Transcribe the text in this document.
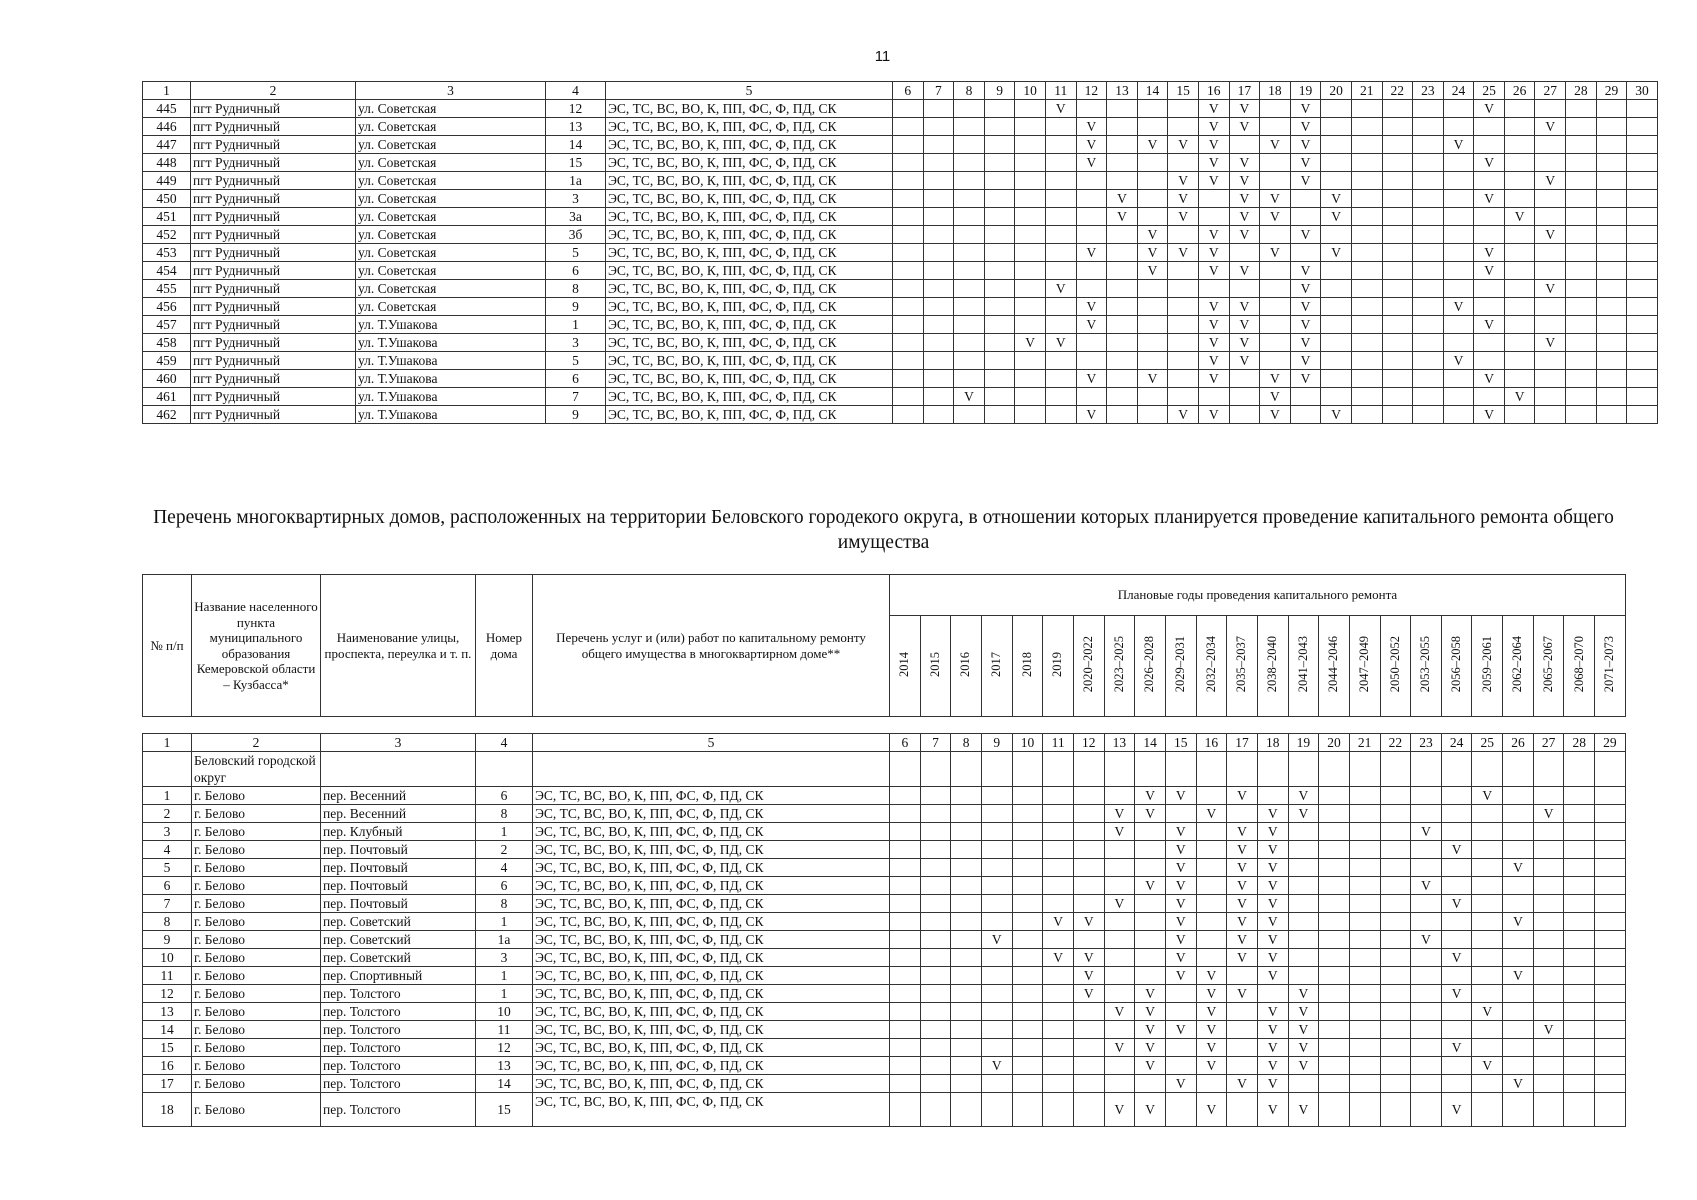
11
1	2	3	4	5	6	7	8	9	10	11	12	13	14	15	16	17	18	19	20	21	22	23	24	25	26	27	28	29	30
445	пгт Рудничный	ул. Советская	12	ЭС, ТС, ВС, ВО, К, ПП, ФС, Ф, ПД, СК						V					V	V		V						V					
446	пгт Рудничный	ул. Советская	13	ЭС, ТС, ВС, ВО, К, ПП, ФС, Ф, ПД, СК							V				V	V		V								V			
447	пгт Рудничный	ул. Советская	14	ЭС, ТС, ВС, ВО, К, ПП, ФС, Ф, ПД, СК							V		V	V	V		V	V					V						
448	пгт Рудничный	ул. Советская	15	ЭС, ТС, ВС, ВО, К, ПП, ФС, Ф, ПД, СК							V				V	V		V						V					
449	пгт Рудничный	ул. Советская	1а	ЭС, ТС, ВС, ВО, К, ПП, ФС, Ф, ПД, СК										V	V	V		V								V			
450	пгт Рудничный	ул. Советская	3	ЭС, ТС, ВС, ВО, К, ПП, ФС, Ф, ПД, СК								V		V		V	V		V					V					
451	пгт Рудничный	ул. Советская	3а	ЭС, ТС, ВС, ВО, К, ПП, ФС, Ф, ПД, СК								V		V		V	V		V						V				
452	пгт Рудничный	ул. Советская	3б	ЭС, ТС, ВС, ВО, К, ПП, ФС, Ф, ПД, СК									V		V	V		V								V			
453	пгт Рудничный	ул. Советская	5	ЭС, ТС, ВС, ВО, К, ПП, ФС, Ф, ПД, СК							V		V	V	V		V		V					V					
454	пгт Рудничный	ул. Советская	6	ЭС, ТС, ВС, ВО, К, ПП, ФС, Ф, ПД, СК									V		V	V		V						V					
455	пгт Рудничный	ул. Советская	8	ЭС, ТС, ВС, ВО, К, ПП, ФС, Ф, ПД, СК						V								V								V			
456	пгт Рудничный	ул. Советская	9	ЭС, ТС, ВС, ВО, К, ПП, ФС, Ф, ПД, СК							V				V	V		V					V						
457	пгт Рудничный	ул. Т.Ушакова	1	ЭС, ТС, ВС, ВО, К, ПП, ФС, Ф, ПД, СК							V				V	V		V						V					
458	пгт Рудничный	ул. Т.Ушакова	3	ЭС, ТС, ВС, ВО, К, ПП, ФС, Ф, ПД, СК					V	V					V	V		V								V			
459	пгт Рудничный	ул. Т.Ушакова	5	ЭС, ТС, ВС, ВО, К, ПП, ФС, Ф, ПД, СК											V	V		V					V						
460	пгт Рудничный	ул. Т.Ушакова	6	ЭС, ТС, ВС, ВО, К, ПП, ФС, Ф, ПД, СК							V		V		V		V	V						V					
461	пгт Рудничный	ул. Т.Ушакова	7	ЭС, ТС, ВС, ВО, К, ПП, ФС, Ф, ПД, СК			V										V								V				
462	пгт Рудничный	ул. Т.Ушакова	9	ЭС, ТС, ВС, ВО, К, ПП, ФС, Ф, ПД, СК							V			V	V		V		V					V					
Перечень многоквартирных домов, расположенных на территории Беловского городекого округа, в отношении которых планируется проведение капитального ремонта общего имущества
№ п/п	Название населенного пункта муниципального образования Кемеровской области – Кузбасса*	Наименование улицы, проспекта, переулка и т. п.	Номер дома	Перечень услуг и (или) работ по капитальному ремонту общего имущества в многоквартирном доме**	Плановые годы проведения капитального ремонта																							
					2014	2015	2016	2017	2018	2019	2020–2022	2023–2025	2026–2028	2029–2031	2032–2034	2035–2037	2038–2040	2041–2043	2044–2046	2047–2049	2050–2052	2053–2055	2056–2058	2059–2061	2062–2064	2065–2067	2068–2070	2071–2073
1	2	3	4	5	6	7	8	9	10	11	12	13	14	15	16	17	18	19	20	21	22	23	24	25	26	27	28	29
	Беловский городской округ																											
1	г. Белово	пер. Весенний	6	ЭС, ТС, ВС, ВО, К, ПП, ФС, Ф, ПД, СК									V	V		V		V						V				
2	г. Белово	пер. Весенний	8	ЭС, ТС, ВС, ВО, К, ПП, ФС, Ф, ПД, СК								V	V		V		V	V								V		
3	г. Белово	пер. Клубный	1	ЭС, ТС, ВС, ВО, К, ПП, ФС, Ф, ПД, СК								V		V		V	V					V						
4	г. Белово	пер. Почтовый	2	ЭС, ТС, ВС, ВО, К, ПП, ФС, Ф, ПД, СК										V		V	V						V					
5	г. Белово	пер. Почтовый	4	ЭС, ТС, ВС, ВО, К, ПП, ФС, Ф, ПД, СК										V		V	V								V			
6	г. Белово	пер. Почтовый	6	ЭС, ТС, ВС, ВО, К, ПП, ФС, Ф, ПД, СК									V	V		V	V					V						
7	г. Белово	пер. Почтовый	8	ЭС, ТС, ВС, ВО, К, ПП, ФС, Ф, ПД, СК								V		V		V	V						V					
8	г. Белово	пер. Советский	1	ЭС, ТС, ВС, ВО, К, ПП, ФС, Ф, ПД, СК						V	V			V		V	V								V			
9	г. Белово	пер. Советский	1а	ЭС, ТС, ВС, ВО, К, ПП, ФС, Ф, ПД, СК				V						V		V	V					V						
10	г. Белово	пер. Советский	3	ЭС, ТС, ВС, ВО, К, ПП, ФС, Ф, ПД, СК						V	V			V		V	V						V					
11	г. Белово	пер. Спортивный	1	ЭС, ТС, ВС, ВО, К, ПП, ФС, Ф, ПД, СК							V			V	V		V								V			
12	г. Белово	пер. Толстого	1	ЭС, ТС, ВС, ВО, К, ПП, ФС, Ф, ПД, СК							V		V		V	V		V					V					
13	г. Белово	пер. Толстого	10	ЭС, ТС, ВС, ВО, К, ПП, ФС, Ф, ПД, СК								V	V		V		V	V						V				
14	г. Белово	пер. Толстого	11	ЭС, ТС, ВС, ВО, К, ПП, ФС, Ф, ПД, СК									V	V	V		V	V								V		
15	г. Белово	пер. Толстого	12	ЭС, ТС, ВС, ВО, К, ПП, ФС, Ф, ПД, СК								V	V		V		V	V					V					
16	г. Белово	пер. Толстого	13	ЭС, ТС, ВС, ВО, К, ПП, ФС, Ф, ПД, СК				V					V		V		V	V						V				
17	г. Белово	пер. Толстого	14	ЭС, ТС, ВС, ВО, К, ПП, ФС, Ф, ПД, СК										V		V	V								V			
18	г. Белово	пер. Толстого	15	ЭС, ТС, ВС, ВО, К, ПП, ФС, Ф, ПД, СК								V	V		V		V	V					V					
